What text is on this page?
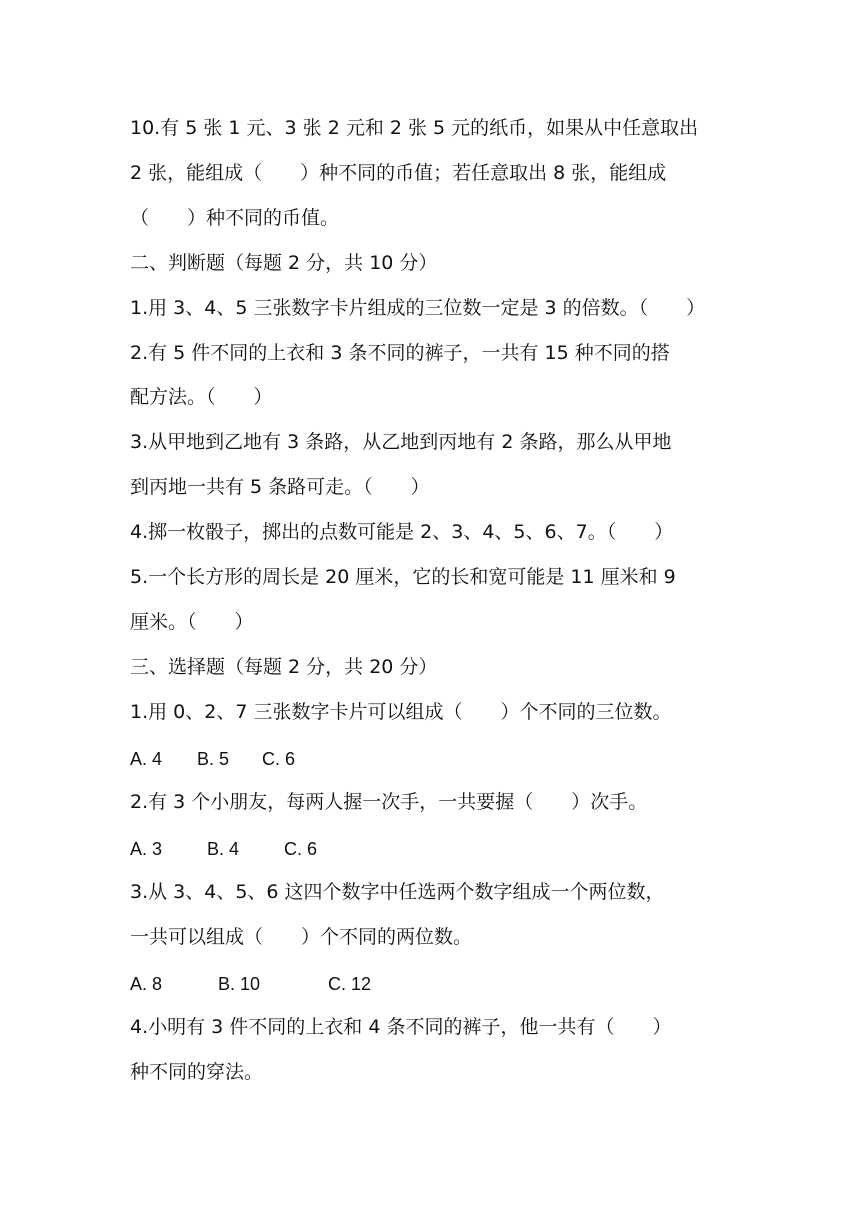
10.有 5 张 1 元、3 张 2 元和 2 张 5 元的纸币，如果从中任意取出
2 张，能组成（　　）种不同的币值；若任意取出 8 张，能组成
（　　）种不同的币值。
二、判断题（每题 2 分，共 10 分）
1.用 3、4、5 三张数字卡片组成的三位数一定是 3 的倍数。（　　）
2.有 5 件不同的上衣和 3 条不同的裤子，一共有 15 种不同的搭
配方法。（　　）
3.从甲地到乙地有 3 条路，从乙地到丙地有 2 条路，那么从甲地
到丙地一共有 5 条路可走。（　　）
4.掷一枚骰子，掷出的点数可能是 2、3、4、5、6、7。（　　）
5.一个长方形的周长是 20 厘米，它的长和宽可能是 11 厘米和 9
厘米。（　　）
三、选择题（每题 2 分，共 20 分）
1.用 0、2、7 三张数字卡片可以组成（　　）个不同的三位数。
A. 4 B. 5 C. 6
2.有 3 个小朋友，每两人握一次手，一共要握（　　）次手。
A. 3 B. 4 C. 6
3.从 3、4、5、6 这四个数字中任选两个数字组成一个两位数，
一共可以组成（　　）个不同的两位数。
A. 8	B. 10	C. 12
4.小明有 3 件不同的上衣和 4 条不同的裤子，他一共有（　　）
种不同的穿法。
